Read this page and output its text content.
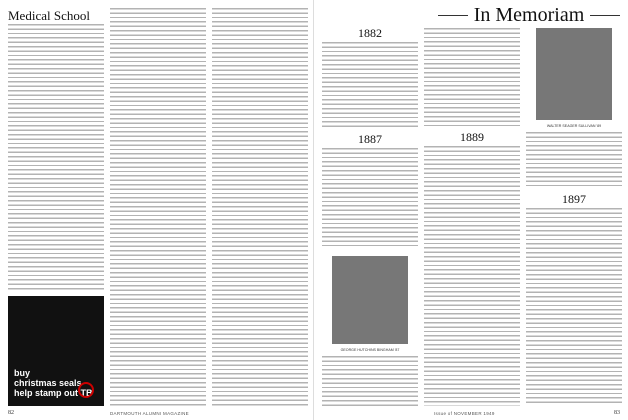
Medical School
buy
christmas seals
help stamp out TB
82	DARTMOUTH ALUMNI MAGAZINE
In Memoriam
1882
1887
GEORGE HUTCHINS BINGHAM '87
1889
WALTER SEAGER SULLIVAN '89
1897
Issue of NOVEMBER 1949	83
